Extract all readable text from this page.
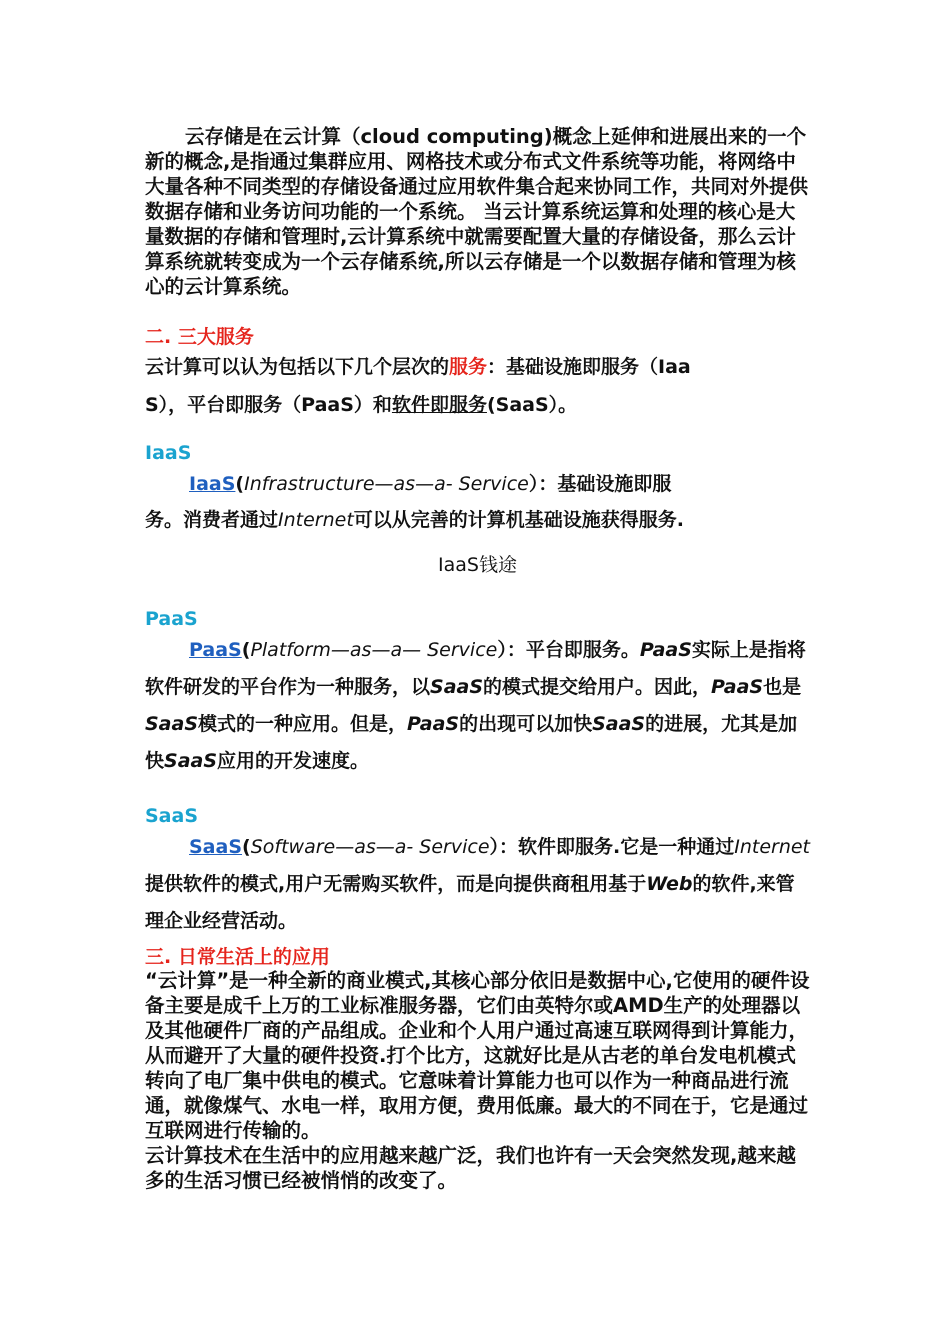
云存储是在云计算（cloud computing)概念上延伸和进展出来的一个新的概念,是指通过集群应用、网格技术或分布式文件系统等功能，将网络中大量各种不同类型的存储设备通过应用软件集合起来协同工作，共同对外提供数据存储和业务访问功能的一个系统。 当云计算系统运算和处理的核心是大量数据的存储和管理时,云计算系统中就需要配置大量的存储设备，那么云计算系统就转变成为一个云存储系统,所以云存储是一个以数据存储和管理为核心的云计算系统。

二. 三大服务
云计算可以认为包括以下几个层次的服务：基础设施即服务（Iaa
S），平台即服务（PaaS）和软件即服务(SaaS）。
IaaS
IaaS(Infrastructure—as—a- Service）：基础设施即服
务。消费者通过Internet可以从完善的计算机基础设施获得服务.
IaaS钱途
PaaS

PaaS(Platform—as—a— Service）：平台即服务。PaaS实际上是指将软件研发的平台作为一种服务，以SaaS的模式提交给用户。因此，PaaS也是SaaS模式的一种应用。但是，PaaS的出现可以加快SaaS的进展，尤其是加快SaaS应用的开发速度。

SaaS

SaaS(Software—as—a- Service）：软件即服务.它是一种通过Internet提供软件的模式,用户无需购买软件，而是向提供商租用基于Web的软件,来管理企业经营活动。

三. 日常生活上的应用

“云计算”是一种全新的商业模式,其核心部分依旧是数据中心,它使用的硬件设备主要是成千上万的工业标准服务器，它们由英特尔或AMD生产的处理器以及其他硬件厂商的产品组成。企业和个人用户通过高速互联网得到计算能力，从而避开了大量的硬件投资.打个比方，这就好比是从古老的单台发电机模式转向了电厂集中供电的模式。它意味着计算能力也可以作为一种商品进行流通，就像煤气、水电一样，取用方便，费用低廉。最大的不同在于，它是通过互联网进行传输的。

云计算技术在生活中的应用越来越广泛，我们也许有一天会突然发现,越来越多的生活习惯已经被悄悄的改变了。
